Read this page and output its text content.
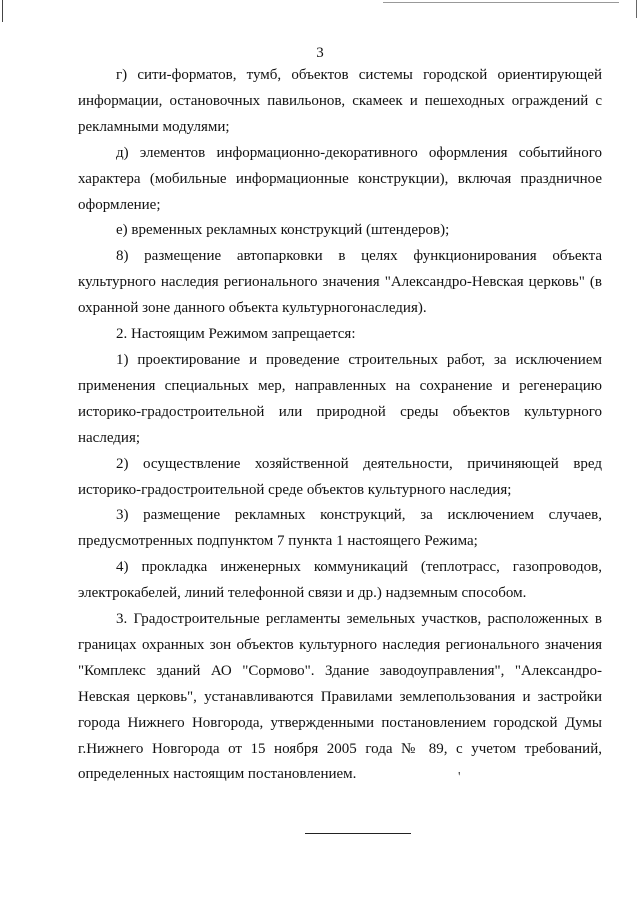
3

г) сити-форматов, тумб, объектов системы городской ориентирующей информации, остановочных павильонов, скамеек и пешеходных ограждений с рекламными модулями;

д) элементов информационно-декоративного оформления событийного характера (мобильные информационные конструкции), включая праздничное оформление;

е) временных рекламных конструкций (штендеров);

8) размещение автопарковки в целях функционирования объекта культурного наследия регионального значения "Александро-Невская церковь" (в охранной зоне данного объекта культурногонаследия).

2. Настоящим Режимом запрещается:

1) проектирование и проведение строительных работ, за исключением применения специальных мер, направленных на сохранение и регенерацию историко-градостроительной или природной среды объектов культурного наследия;

2) осуществление хозяйственной деятельности, причиняющей вред историко-градостроительной среде объектов культурного наследия;

3) размещение рекламных конструкций, за исключением случаев, предусмотренных подпунктом 7 пункта 1 настоящего Режима;

4) прокладка инженерных коммуникаций (теплотрасс, газопроводов, электрокабелей, линий телефонной связи и др.) надземным способом.

3. Градостроительные регламенты земельных участков, расположенных в границах охранных зон объектов культурного наследия регионального значения "Комплекс зданий АО "Сормово". Здание заводоуправления", "Александро-Невская церковь", устанавливаются Правилами землепользования и застройки города Нижнего Новгорода, утвержденными постановлением городской Думы г.Нижнего Новгорода от 15 ноября 2005 года № 89, с учетом требований, определенных настоящим постановлением.	'
